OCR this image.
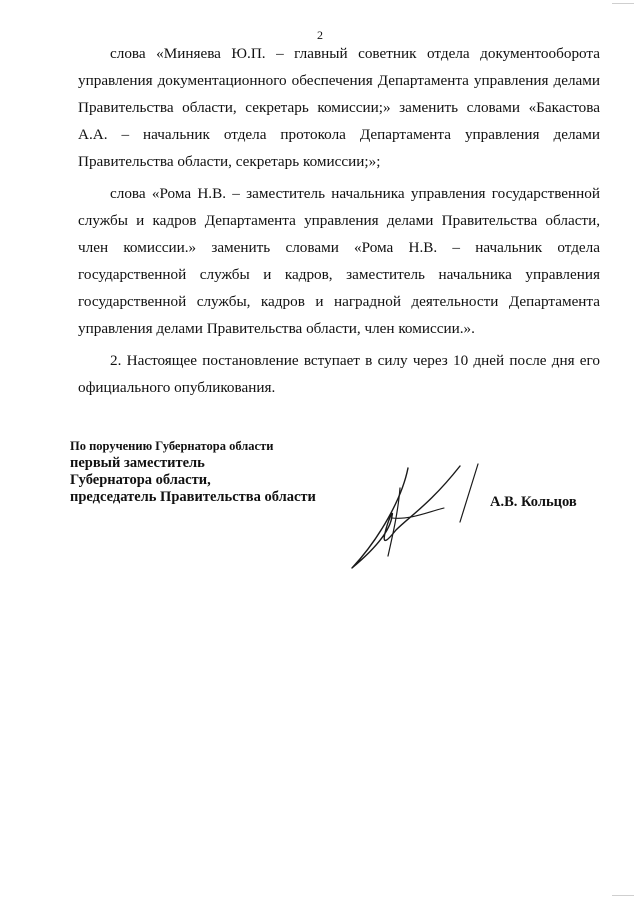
2

слова «Миняева Ю.П. – главный советник отдела документооборота управления документационного обеспечения Департамента управления делами Правительства области, секретарь комиссии;» заменить словами «Бакастова А.А. – начальник отдела протокола Департамента управления делами Правительства области, секретарь комиссии;»;

слова «Рома Н.В. – заместитель начальника управления государственной службы и кадров Департамента управления делами Правительства области, член комиссии.» заменить словами «Рома Н.В. – начальник отдела государственной службы и кадров, заместитель начальника управления государственной службы, кадров и наградной деятельности Департамента управления делами Правительства области, член комиссии.».

2. Настоящее постановление вступает в силу через 10 дней после дня его официального опубликования.

По поручению Губернатора области
первый заместитель
Губернатора области,
председатель Правительства области	А.В. Кольцов
